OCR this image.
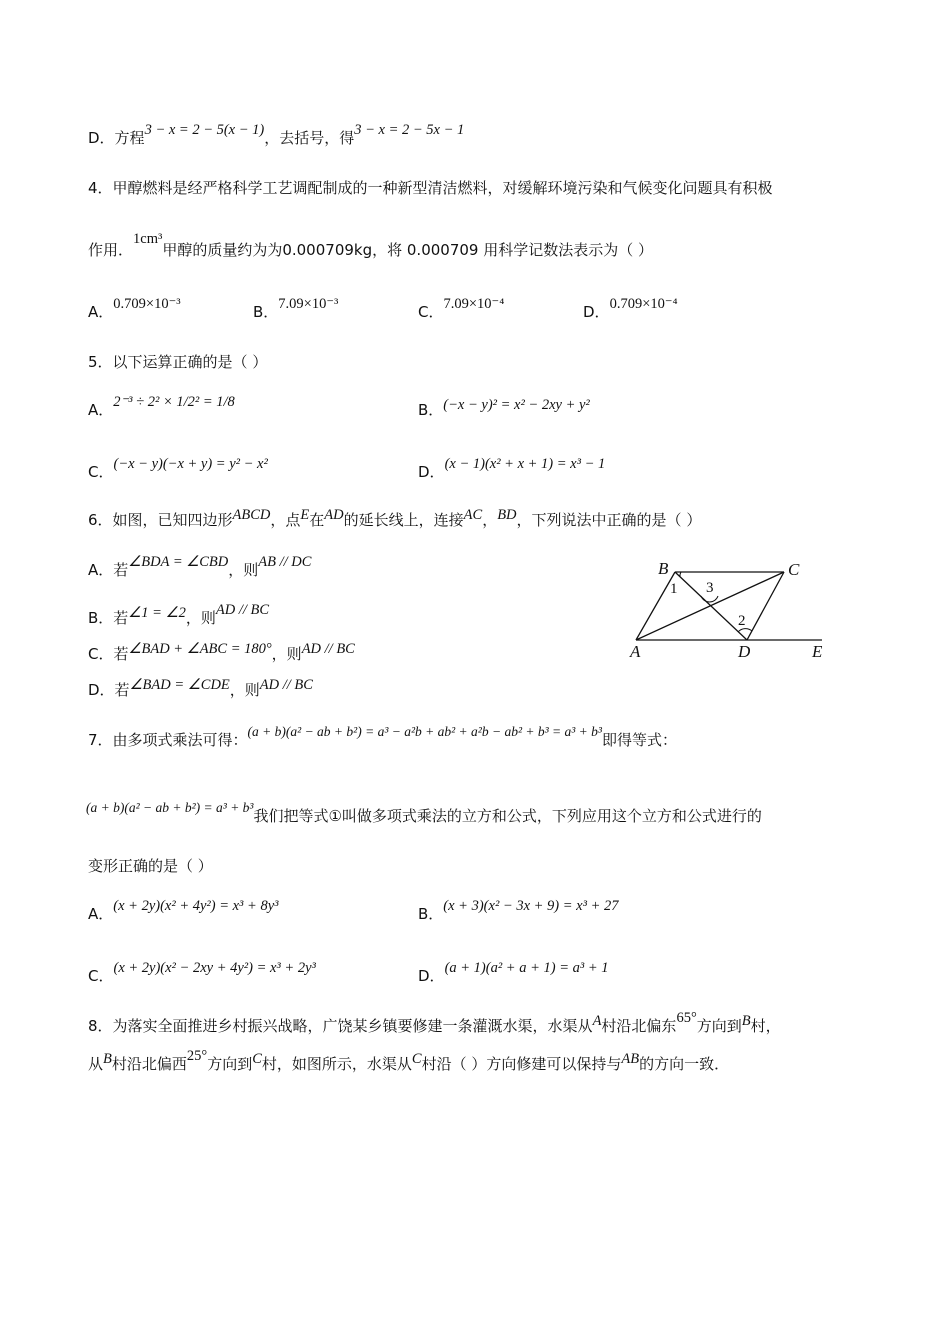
D．方程3 − x = 2 − 5(x − 1)，去括号，得3 − x = 2 − 5x − 1
4．甲醇燃料是经严格科学工艺调配制成的一种新型清洁燃料，对缓解环境污染和气候变化问题具有积极
作用．1cm³甲醇的质量约为为0.000709kg，将 0.000709 用科学记数法表示为（ ）
A．0.709×10⁻³	B．7.09×10⁻³	C．7.09×10⁻⁴	D．0.709×10⁻⁴
5．以下运算正确的是（ ）
A．2⁻³ ÷ 2² × 1/2² = 1/8	B．(−x − y)² = x² − 2xy + y²
C．(−x − y)(−x + y) = y² − x²	D．(x − 1)(x² + x + 1) = x³ − 1
6．如图，已知四边形ABCD，点E在AD的延长线上，连接AC，BD，下列说法中正确的是（ ）
A．若∠BDA = ∠CBD，则AB // DC
B．若∠1 = ∠2，则AD // BC
C．若∠BAD + ∠ABC = 180°，则AD // BC
D．若∠BAD = ∠CDE，则AD // BC
B	C
A	D	E
1 3
2
7．由多项式乘法可得：(a + b)(a² − ab + b²) = a³ − a²b + ab² + a²b − ab² + b³ = a³ + b³即得等式：
(a + b)(a² − ab + b²) = a³ + b³我们把等式①叫做多项式乘法的立方和公式，下列应用这个立方和公式进行的
变形正确的是（ ）
A．(x + 2y)(x² + 4y²) = x³ + 8y³	B．(x + 3)(x² − 3x + 9) = x³ + 27
C．(x + 2y)(x² − 2xy + 4y²) = x³ + 2y³	D．(a + 1)(a² + a + 1) = a³ + 1
8．为落实全面推进乡村振兴战略，广饶某乡镇要修建一条灌溉水渠，水渠从A村沿北偏东65°方向到B村，
从B村沿北偏西25°方向到C村，如图所示，水渠从C村沿（ ）方向修建可以保持与AB的方向一致．
